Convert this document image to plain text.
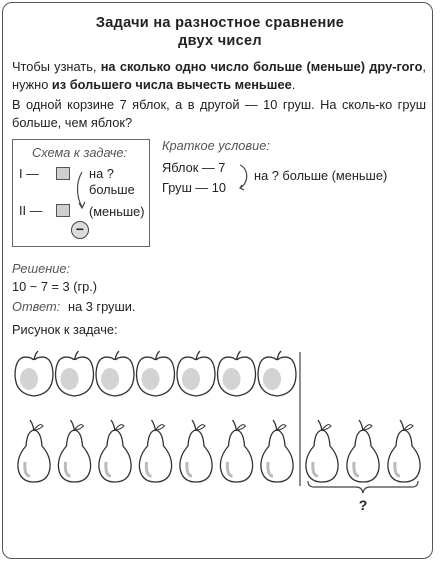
Задачи на разностное сравнение
двух чисел
Чтобы узнать, на сколько одно число больше (меньше) дру-гого, нужно из большего числа вычесть меньшее.
В одной корзине 7 яблок, а в другой — 10 груш. На сколь-ко груш больше, чем яблок?
Схема к задаче:
I —
II —
на ?
больше
(меньше)
−
Краткое условие:
Яблок — 7
Груш — 10
на ? больше (меньше)
Решение:
10 − 7 = 3 (гр.)
Ответ: на 3 груши.
Рисунок к задаче:
?
